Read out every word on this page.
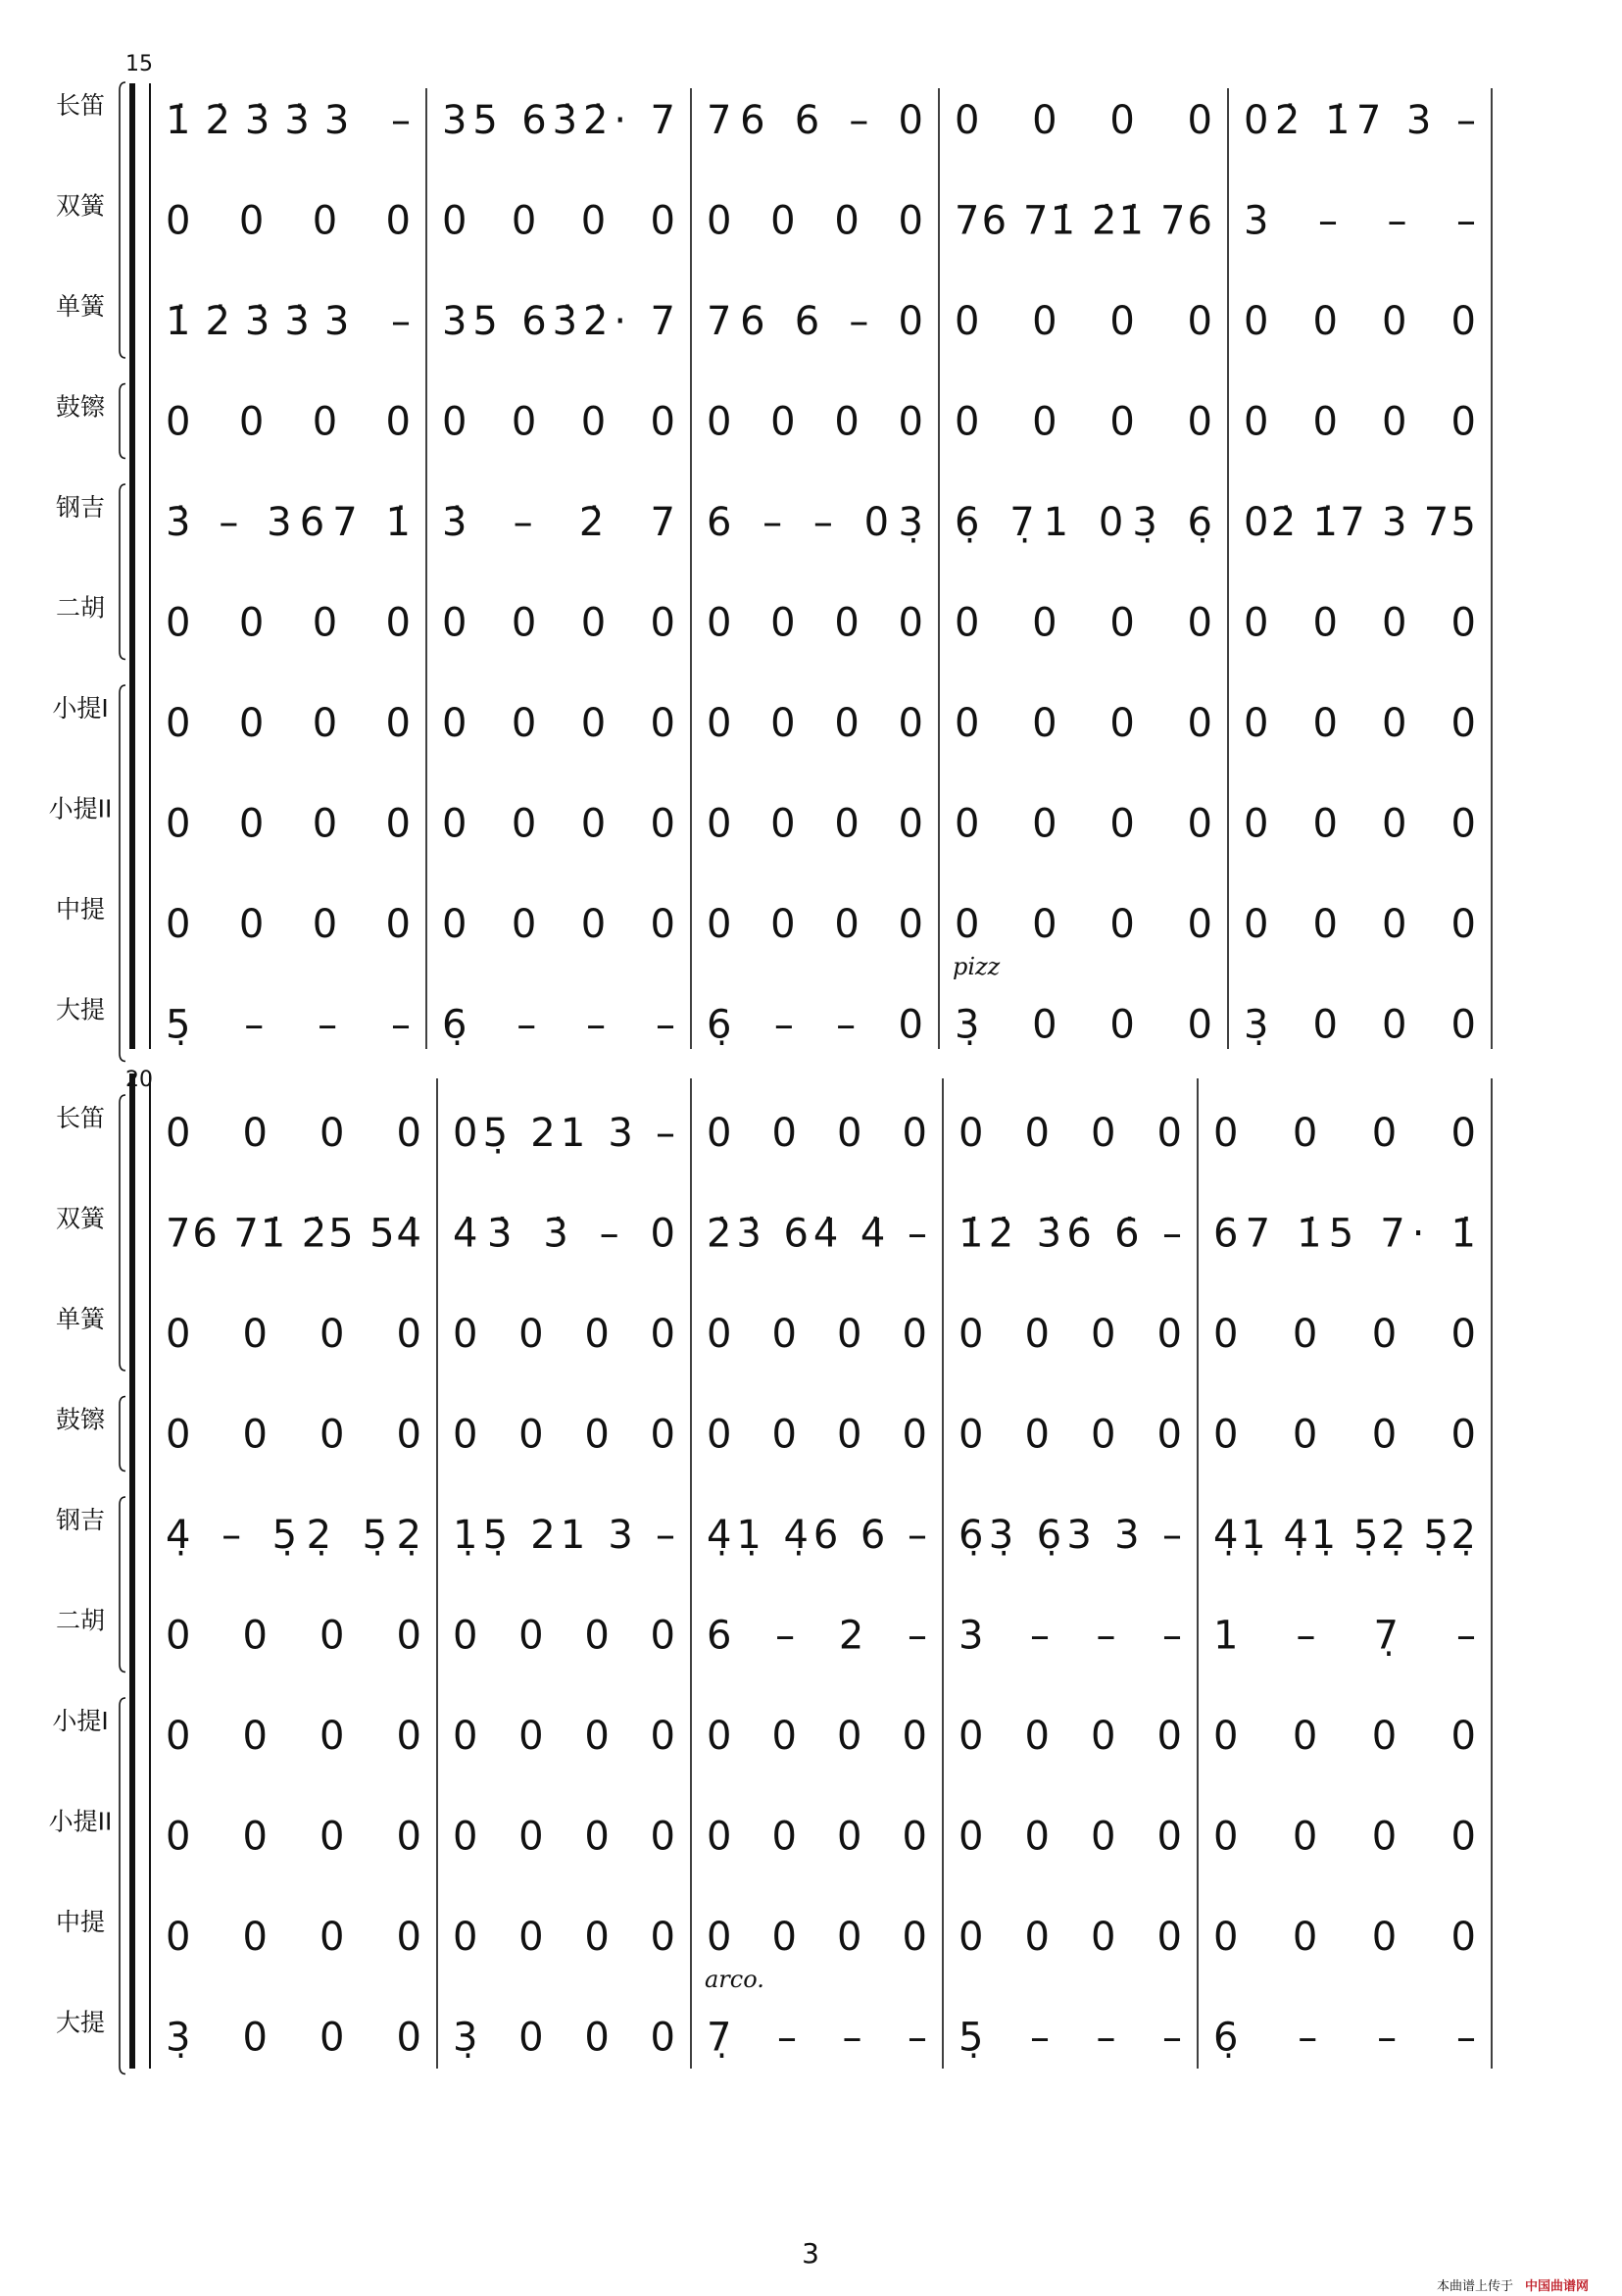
15
长笛
双簧
单簧
鼓镲
钢吉
二胡
小提I
小提II
中提
大提
1̇2̇3̇3̇3 –
0 0 0 0
1̇2̇3̇3̇3 –
0 0 0 0
3̇ – 367 1̇
0 0 0 0
0 0 0 0
0 0 0 0
0 0 0 0
5̣ – – –
35 63̇2̇· 7
0 0 0 0
35 63̇2̇· 7
0 0 0 0
3̇ – 2̇ 7
0 0 0 0
0 0 0 0
0 0 0 0
0 0 0 0
6̣ – – –
76 6 – 0
0 0 0 0
76 6 – 0
0 0 0 0
6 – – 03̣
0 0 0 0
0 0 0 0
0 0 0 0
0 0 0 0
6̣ – – 0
0 0 0 0
76 71̇ 2̇1̇ 76
0 0 0 0
0 0 0 0
6̣ 7̣1 03̣ 6̣
0 0 0 0
0 0 0 0
0 0 0 0
0 0 0 0
3̣ 0 0 0
02̇ 1̇7 3 –
3 – – –
0 0 0 0
0 0 0 0
02̇ 1̇7 3 75
0 0 0 0
0 0 0 0
0 0 0 0
0 0 0 0
3̣ 0 0 0
pizz
20
长笛
双簧
单簧
鼓镲
钢吉
二胡
小提I
小提II
中提
大提
0 0 0 0
76 71̇ 2̇5 54̇
0 0 0 0
0 0 0 0
4̣ – 5̣2̣ 5̣2̣
0 0 0 0
0 0 0 0
0 0 0 0
0 0 0 0
3̣ 0 0 0
05̣ 21 3 –
4̇3̇ 3̇ – 0
0 0 0 0
0 0 0 0
1̣5̣ 21 3 –
0 0 0 0
0 0 0 0
0 0 0 0
0 0 0 0
3̣ 0 0 0
0 0 0 0
2̇3̇ 64̇ 4̇ –
0 0 0 0
0 0 0 0
4̣1̣ 4̣6 6 –
6 – 2 –
0 0 0 0
0 0 0 0
0 0 0 0
7̣ – – –
0 0 0 0
1̇2̇ 3̇6̇ 6̇ –
0 0 0 0
0 0 0 0
6̣3̣ 6̣3 3 –
3 – – –
0 0 0 0
0 0 0 0
0 0 0 0
5̣ – – –
0 0 0 0
67 1̇5 7· 1̇
0 0 0 0
0 0 0 0
4̣1̣ 4̣1̣ 5̣2̣ 5̣2̣
1 – 7̣ –
0 0 0 0
0 0 0 0
0 0 0 0
6̣ – – –
arco.
3
本曲谱上传于 中国曲谱网
